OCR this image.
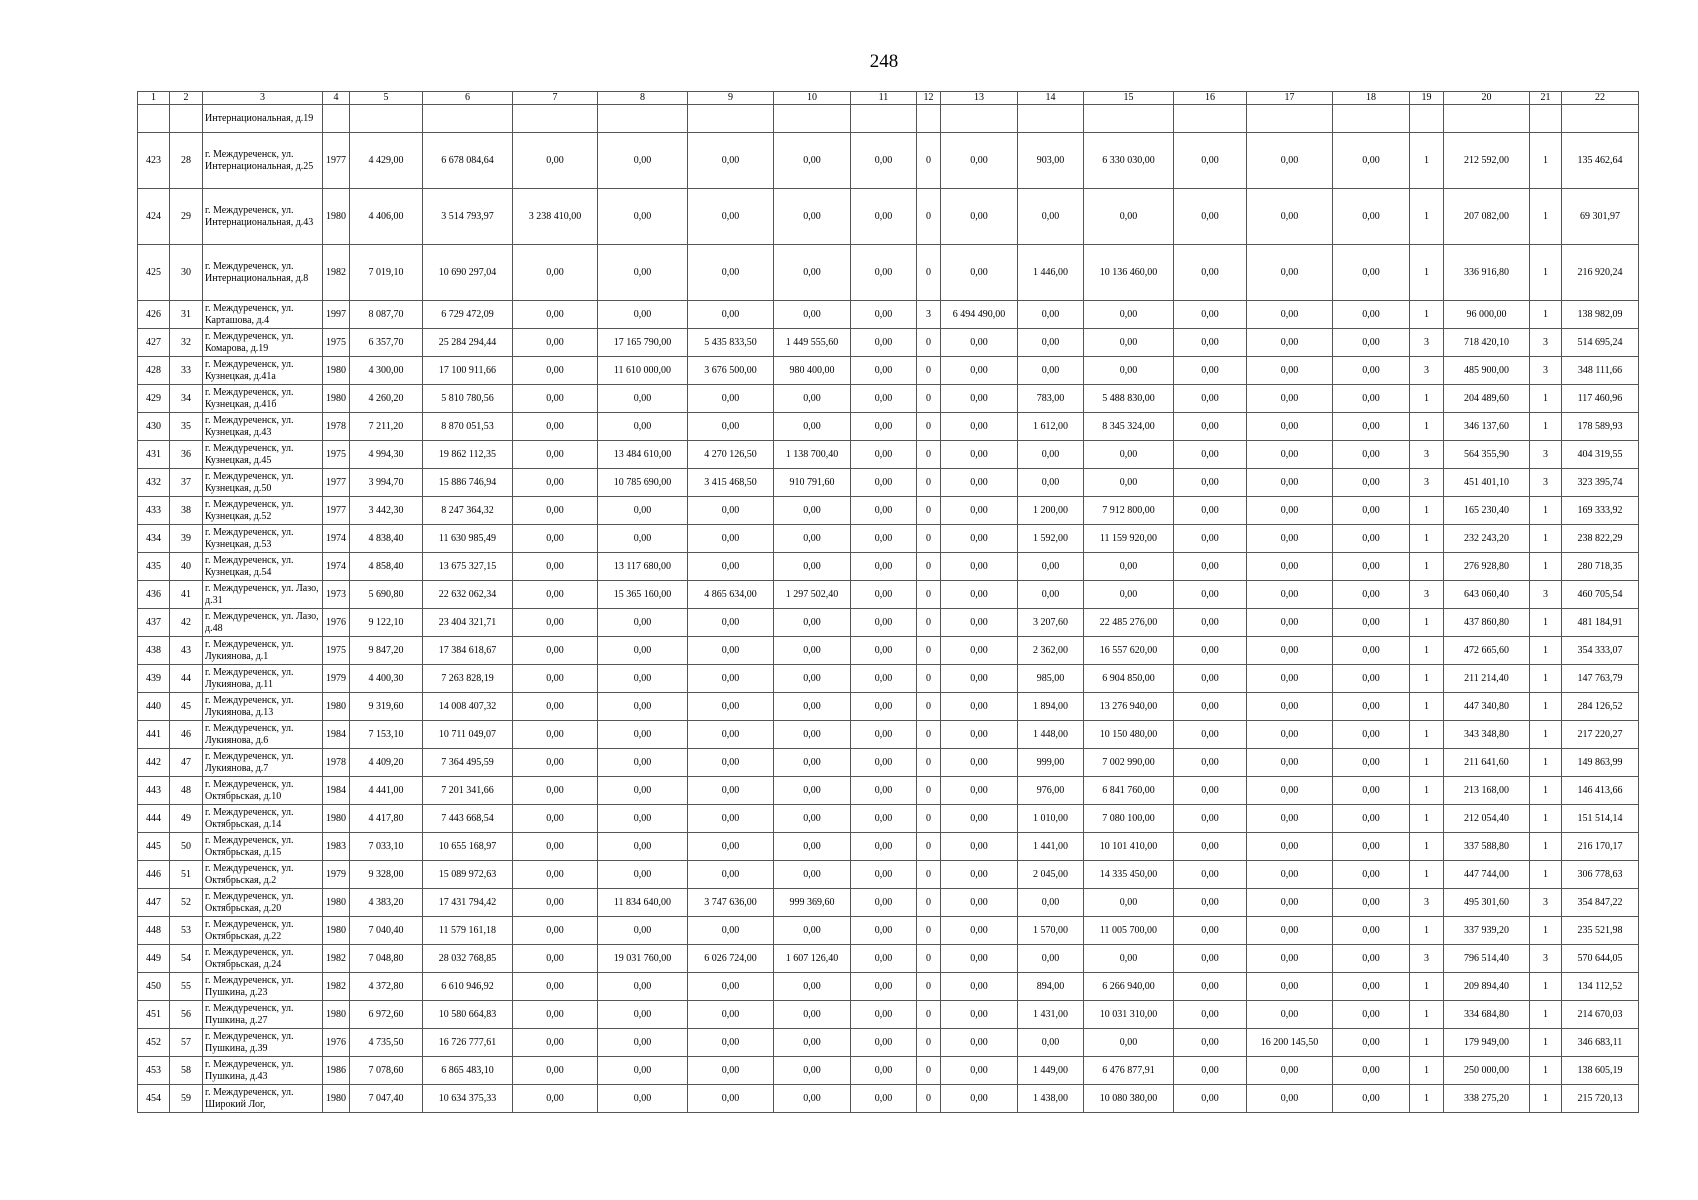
248
1	2	3	4	5	6	7	8	9	10	11	12	13	14	15	16	17	18	19	20	21	22
		Интернациональная, д.19																			
423	28	г. Междуреченск, ул. Интернациональная, д.25	1977	4 429,00	6 678 084,64	0,00	0,00	0,00	0,00	0,00	0	0,00	903,00	6 330 030,00	0,00	0,00	0,00	1	212 592,00	1	135 462,64
424	29	г. Междуреченск, ул. Интернациональная, д.43	1980	4 406,00	3 514 793,97	3 238 410,00	0,00	0,00	0,00	0,00	0	0,00	0,00	0,00	0,00	0,00	0,00	1	207 082,00	1	69 301,97
425	30	г. Междуреченск, ул. Интернациональная, д.8	1982	7 019,10	10 690 297,04	0,00	0,00	0,00	0,00	0,00	0	0,00	1 446,00	10 136 460,00	0,00	0,00	0,00	1	336 916,80	1	216 920,24
426	31	г. Междуреченск, ул. Карташова, д.4	1997	8 087,70	6 729 472,09	0,00	0,00	0,00	0,00	0,00	3	6 494 490,00	0,00	0,00	0,00	0,00	0,00	1	96 000,00	1	138 982,09
427	32	г. Междуреченск, ул. Комарова, д.19	1975	6 357,70	25 284 294,44	0,00	17 165 790,00	5 435 833,50	1 449 555,60	0,00	0	0,00	0,00	0,00	0,00	0,00	0,00	3	718 420,10	3	514 695,24
428	33	г. Междуреченск, ул. Кузнецкая, д.41а	1980	4 300,00	17 100 911,66	0,00	11 610 000,00	3 676 500,00	980 400,00	0,00	0	0,00	0,00	0,00	0,00	0,00	0,00	3	485 900,00	3	348 111,66
429	34	г. Междуреченск, ул. Кузнецкая, д.41б	1980	4 260,20	5 810 780,56	0,00	0,00	0,00	0,00	0,00	0	0,00	783,00	5 488 830,00	0,00	0,00	0,00	1	204 489,60	1	117 460,96
430	35	г. Междуреченск, ул. Кузнецкая, д.43	1978	7 211,20	8 870 051,53	0,00	0,00	0,00	0,00	0,00	0	0,00	1 612,00	8 345 324,00	0,00	0,00	0,00	1	346 137,60	1	178 589,93
431	36	г. Междуреченск, ул. Кузнецкая, д.45	1975	4 994,30	19 862 112,35	0,00	13 484 610,00	4 270 126,50	1 138 700,40	0,00	0	0,00	0,00	0,00	0,00	0,00	0,00	3	564 355,90	3	404 319,55
432	37	г. Междуреченск, ул. Кузнецкая, д.50	1977	3 994,70	15 886 746,94	0,00	10 785 690,00	3 415 468,50	910 791,60	0,00	0	0,00	0,00	0,00	0,00	0,00	0,00	3	451 401,10	3	323 395,74
433	38	г. Междуреченск, ул. Кузнецкая, д.52	1977	3 442,30	8 247 364,32	0,00	0,00	0,00	0,00	0,00	0	0,00	1 200,00	7 912 800,00	0,00	0,00	0,00	1	165 230,40	1	169 333,92
434	39	г. Междуреченск, ул. Кузнецкая, д.53	1974	4 838,40	11 630 985,49	0,00	0,00	0,00	0,00	0,00	0	0,00	1 592,00	11 159 920,00	0,00	0,00	0,00	1	232 243,20	1	238 822,29
435	40	г. Междуреченск, ул. Кузнецкая, д.54	1974	4 858,40	13 675 327,15	0,00	13 117 680,00	0,00	0,00	0,00	0	0,00	0,00	0,00	0,00	0,00	0,00	1	276 928,80	1	280 718,35
436	41	г. Междуреченск, ул. Лазо, д.31	1973	5 690,80	22 632 062,34	0,00	15 365 160,00	4 865 634,00	1 297 502,40	0,00	0	0,00	0,00	0,00	0,00	0,00	0,00	3	643 060,40	3	460 705,54
437	42	г. Междуреченск, ул. Лазо, д.48	1976	9 122,10	23 404 321,71	0,00	0,00	0,00	0,00	0,00	0	0,00	3 207,60	22 485 276,00	0,00	0,00	0,00	1	437 860,80	1	481 184,91
438	43	г. Междуреченск, ул. Лукиянова, д.1	1975	9 847,20	17 384 618,67	0,00	0,00	0,00	0,00	0,00	0	0,00	2 362,00	16 557 620,00	0,00	0,00	0,00	1	472 665,60	1	354 333,07
439	44	г. Междуреченск, ул. Лукиянова, д.11	1979	4 400,30	7 263 828,19	0,00	0,00	0,00	0,00	0,00	0	0,00	985,00	6 904 850,00	0,00	0,00	0,00	1	211 214,40	1	147 763,79
440	45	г. Междуреченск, ул. Лукиянова, д.13	1980	9 319,60	14 008 407,32	0,00	0,00	0,00	0,00	0,00	0	0,00	1 894,00	13 276 940,00	0,00	0,00	0,00	1	447 340,80	1	284 126,52
441	46	г. Междуреченск, ул. Лукиянова, д.6	1984	7 153,10	10 711 049,07	0,00	0,00	0,00	0,00	0,00	0	0,00	1 448,00	10 150 480,00	0,00	0,00	0,00	1	343 348,80	1	217 220,27
442	47	г. Междуреченск, ул. Лукиянова, д.7	1978	4 409,20	7 364 495,59	0,00	0,00	0,00	0,00	0,00	0	0,00	999,00	7 002 990,00	0,00	0,00	0,00	1	211 641,60	1	149 863,99
443	48	г. Междуреченск, ул. Октябрьская, д.10	1984	4 441,00	7 201 341,66	0,00	0,00	0,00	0,00	0,00	0	0,00	976,00	6 841 760,00	0,00	0,00	0,00	1	213 168,00	1	146 413,66
444	49	г. Междуреченск, ул. Октябрьская, д.14	1980	4 417,80	7 443 668,54	0,00	0,00	0,00	0,00	0,00	0	0,00	1 010,00	7 080 100,00	0,00	0,00	0,00	1	212 054,40	1	151 514,14
445	50	г. Междуреченск, ул. Октябрьская, д.15	1983	7 033,10	10 655 168,97	0,00	0,00	0,00	0,00	0,00	0	0,00	1 441,00	10 101 410,00	0,00	0,00	0,00	1	337 588,80	1	216 170,17
446	51	г. Междуреченск, ул. Октябрьская, д.2	1979	9 328,00	15 089 972,63	0,00	0,00	0,00	0,00	0,00	0	0,00	2 045,00	14 335 450,00	0,00	0,00	0,00	1	447 744,00	1	306 778,63
447	52	г. Междуреченск, ул. Октябрьская, д.20	1980	4 383,20	17 431 794,42	0,00	11 834 640,00	3 747 636,00	999 369,60	0,00	0	0,00	0,00	0,00	0,00	0,00	0,00	3	495 301,60	3	354 847,22
448	53	г. Междуреченск, ул. Октябрьская, д.22	1980	7 040,40	11 579 161,18	0,00	0,00	0,00	0,00	0,00	0	0,00	1 570,00	11 005 700,00	0,00	0,00	0,00	1	337 939,20	1	235 521,98
449	54	г. Междуреченск, ул. Октябрьская, д.24	1982	7 048,80	28 032 768,85	0,00	19 031 760,00	6 026 724,00	1 607 126,40	0,00	0	0,00	0,00	0,00	0,00	0,00	0,00	3	796 514,40	3	570 644,05
450	55	г. Междуреченск, ул. Пушкина, д.23	1982	4 372,80	6 610 946,92	0,00	0,00	0,00	0,00	0,00	0	0,00	894,00	6 266 940,00	0,00	0,00	0,00	1	209 894,40	1	134 112,52
451	56	г. Междуреченск, ул. Пушкина, д.27	1980	6 972,60	10 580 664,83	0,00	0,00	0,00	0,00	0,00	0	0,00	1 431,00	10 031 310,00	0,00	0,00	0,00	1	334 684,80	1	214 670,03
452	57	г. Междуреченск, ул. Пушкина, д.39	1976	4 735,50	16 726 777,61	0,00	0,00	0,00	0,00	0,00	0	0,00	0,00	0,00	0,00	16 200 145,50	0,00	1	179 949,00	1	346 683,11
453	58	г. Междуреченск, ул. Пушкина, д.43	1986	7 078,60	6 865 483,10	0,00	0,00	0,00	0,00	0,00	0	0,00	1 449,00	6 476 877,91	0,00	0,00	0,00	1	250 000,00	1	138 605,19
454	59	г. Междуреченск, ул. Широкий Лог,	1980	7 047,40	10 634 375,33	0,00	0,00	0,00	0,00	0,00	0	0,00	1 438,00	10 080 380,00	0,00	0,00	0,00	1	338 275,20	1	215 720,13
